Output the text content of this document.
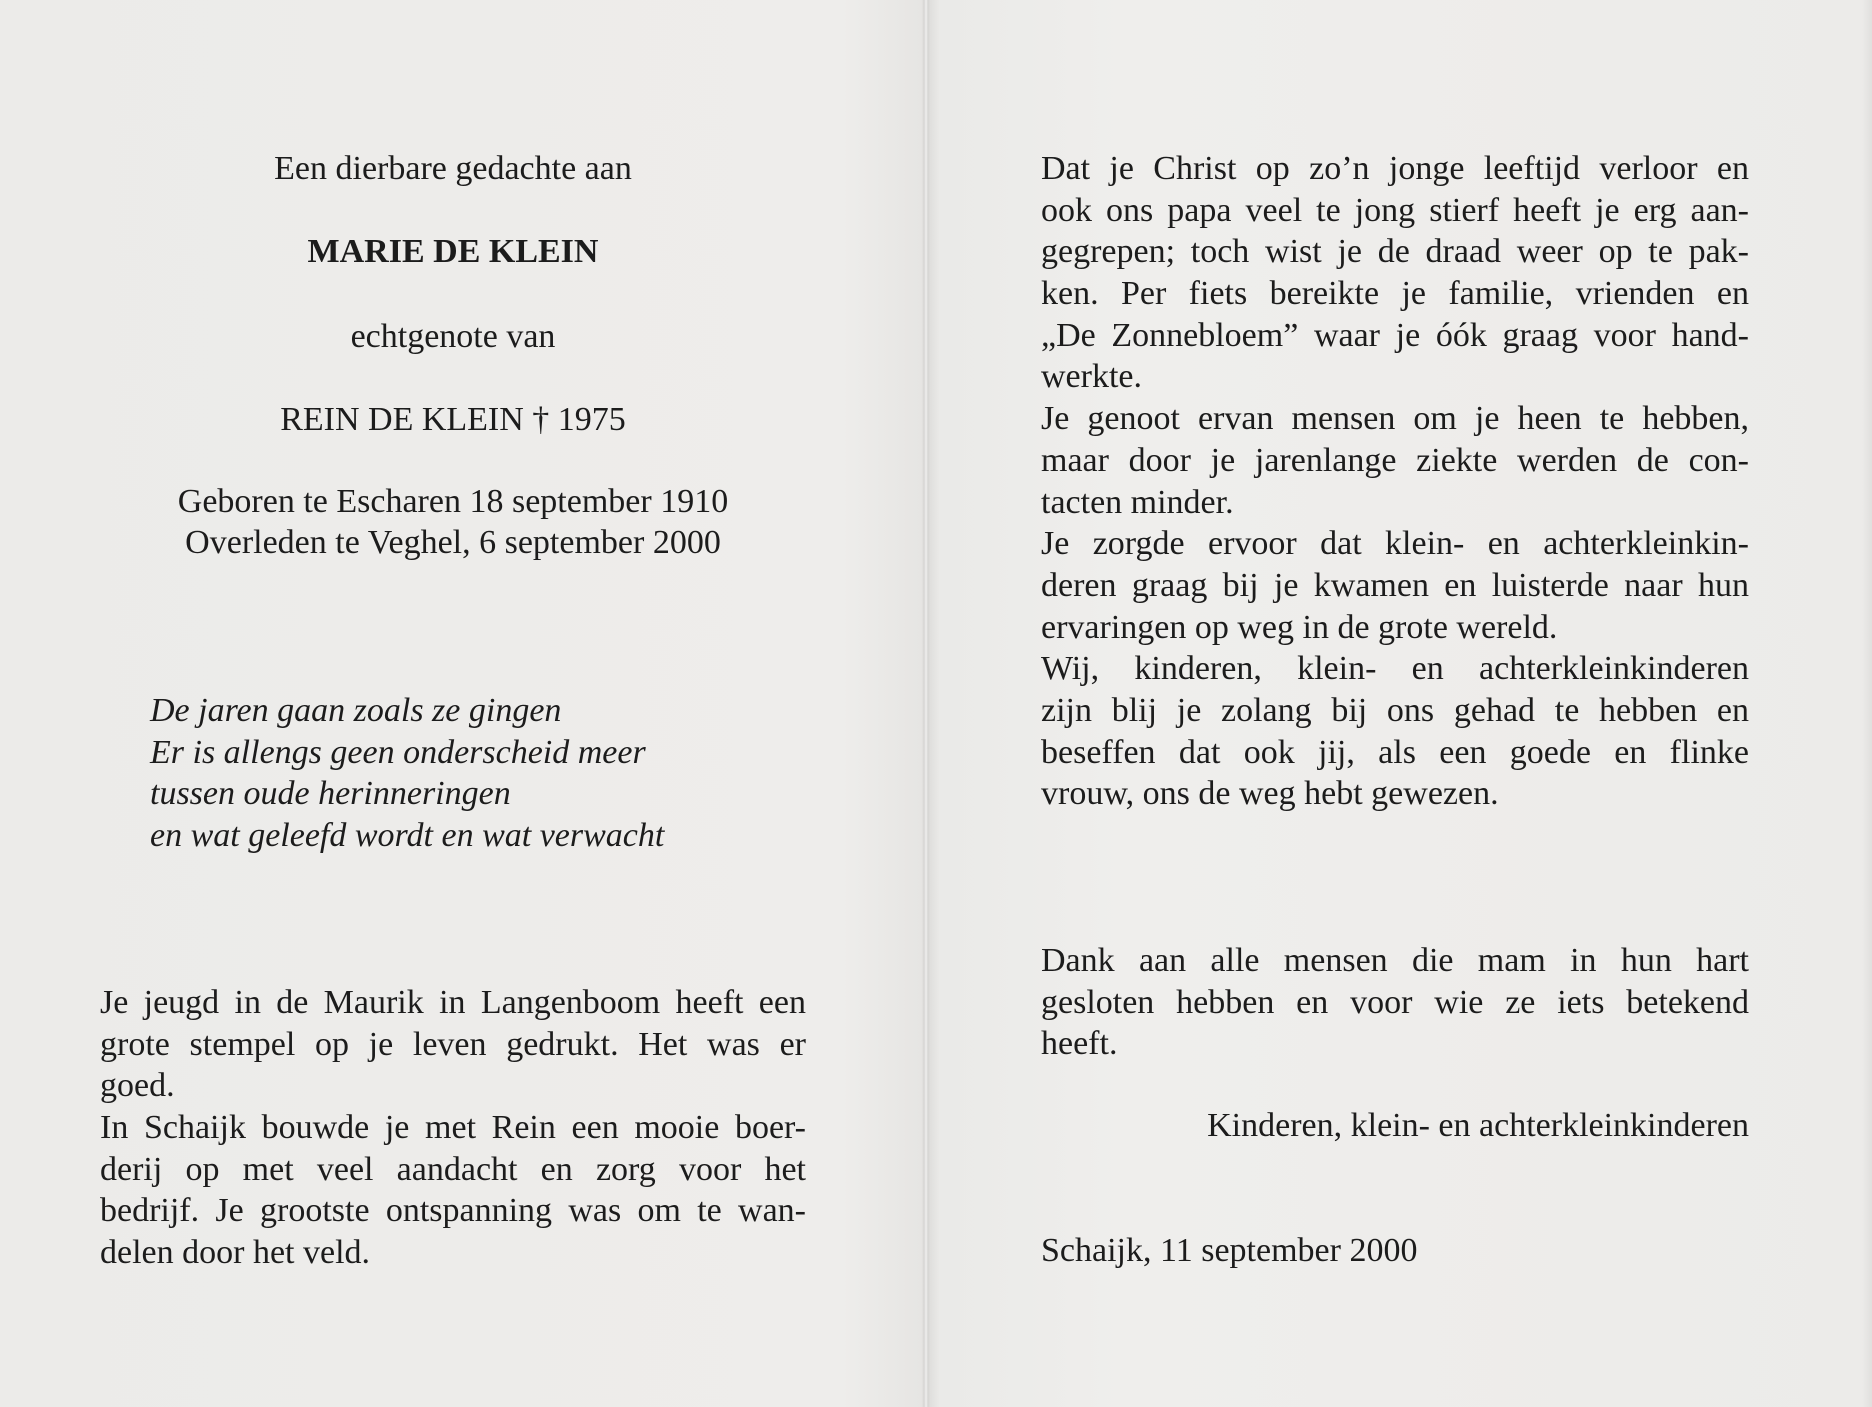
Een dierbare gedachte aan
MARIE DE KLEIN
echtgenote van
REIN DE KLEIN † 1975
Geboren te Escharen 18 september 1910
Overleden te Veghel, 6 september 2000
De jaren gaan zoals ze gingen
Er is allengs geen onderscheid meer
tussen oude herinneringen
en wat geleefd wordt en wat verwacht
Je jeugd in de Maurik in Langenboom heeft een
grote stempel op je leven gedrukt. Het was er
goed.
In Schaijk bouwde je met Rein een mooie boer-
derij op met veel aandacht en zorg voor het
bedrijf. Je grootste ontspanning was om te wan-
delen door het veld.
Dat je Christ op zo’n jonge leeftijd verloor en
ook ons papa veel te jong stierf heeft je erg aan-
gegrepen; toch wist je de draad weer op te pak-
ken. Per fiets bereikte je familie, vrienden en
„De Zonnebloem” waar je óók graag voor hand-
werkte.
Je genoot ervan mensen om je heen te hebben,
maar door je jarenlange ziekte werden de con-
tacten minder.
Je zorgde ervoor dat klein- en achterkleinkin-
deren graag bij je kwamen en luisterde naar hun
ervaringen op weg in de grote wereld.
Wij, kinderen, klein- en achterkleinkinderen
zijn blij je zolang bij ons gehad te hebben en
beseffen dat ook jij, als een goede en flinke
vrouw, ons de weg hebt gewezen.
Dank aan alle mensen die mam in hun hart
gesloten hebben en voor wie ze iets betekend
heeft.
Kinderen, klein- en achterkleinkinderen
Schaijk, 11 september 2000
